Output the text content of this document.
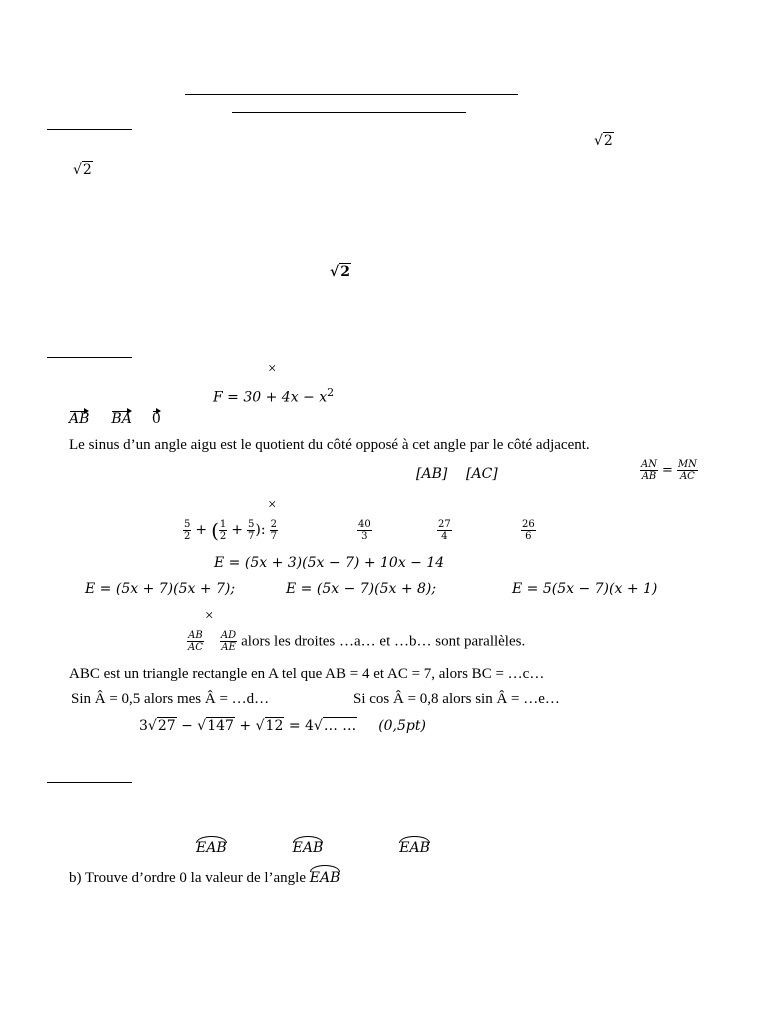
√2
√2
√2
×
$F = 30 + 4x - x^2$
AB BA 0
Le sinus d’un angle aigu est le quotient du côté opposé à cet angle par le côté adjacent.
[AB] [AC]	$\frac{AN}{AB} = \frac{MN}{AC}$
×
$\frac{5}{2}$ + ( $\frac{1}{2} + \frac{5}{7}$ ): $\frac{2}{7}$	$\frac{40}{3}$	$\frac{27}{4}$	$\frac{26}{6}$
E = (5x + 3)(5x − 7) + 10x − 14
E = (5x + 7)(5x + 7);	E = (5x − 7)(5x + 8);	E = 5(5x − 7)(x + 1)
×
$\frac{AB}{AC}$
$\frac{AD}{AE}$ alors les droites …a… et …b… sont parallèles.
ABC est un triangle rectangle en A tel que AB = 4 et AC = 7, alors BC = …c…
Sin Â = 0,5 alors mes Â = …d…	Si cos Â = 0,8 alors sin Â = …e…
3√27 − √147 + √12 = 4√… … (0,5pt)
EAB	EAB	EAB
b) Trouve d’ordre 0 la valeur de l’angle EAB
